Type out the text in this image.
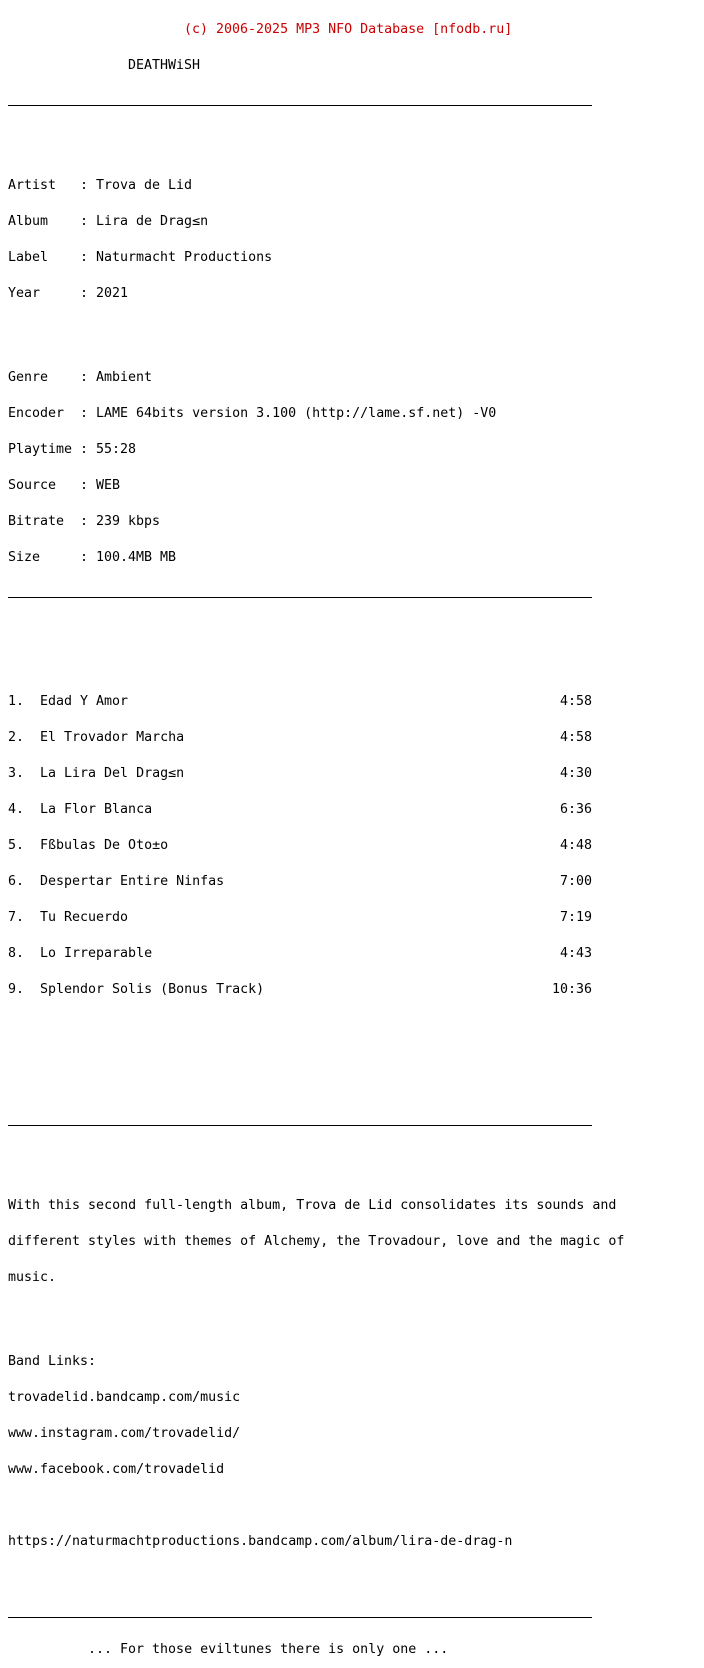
(c) 2006-2025 MP3 NFO Database [nfodb.ru]

DEATHWiSH

Artist : Trova de Lid

Album : Lira de Drag≤n

Label : Naturmacht Productions

Year	: 2021

Genre : Ambient

Encoder : LAME 64bits version 3.100 (http://lame.sf.net) -V0

Playtime : 55:28

Source : WEB

Bitrate : 239 kbps

Size	: 100.4MB MB

1. Edad Y Amor	4:58

2. El Trovador Marcha	4:58

3. La Lira Del Drag≤n	4:30

4. La Flor Blanca	6:36

5. Fßbulas De Oto±o	4:48

6. Despertar Entire Ninfas	7:00

7. Tu Recuerdo	7:19

8. Lo Irreparable	4:43

9. Splendor Solis (Bonus Track)	10:36

With this second full-length album, Trova de Lid consolidates its sounds and

different styles with themes of Alchemy, the Trovadour, love and the magic of

music.

Band Links:

trovadelid.bandcamp.com/music

www.instagram.com/trovadelid/

www.facebook.com/trovadelid

https://naturmachtproductions.bandcamp.com/album/lira-de-drag-n

... For those eviltunes there is only one ...
